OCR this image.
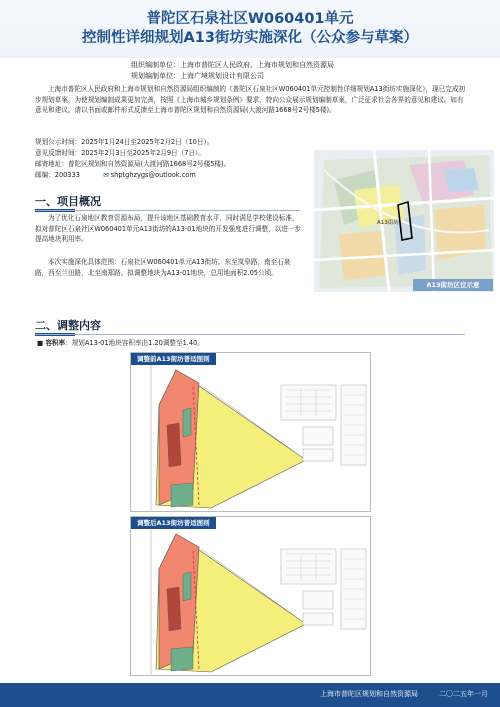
普陀区石泉社区W060401单元
控制性详细规划A13街坊实施深化（公众参与草案）
组织编制单位：上海市普陀区人民政府、上海市规划和自然资源局
规划编制单位：上海广境规划设计有限公司
上海市普陀区人民政府和上海市规划和自然资源局组织编制的《普陀区石泉社区W060401单元控制性详细规划A13街坊实施深化》，现已完成初步规划草案，为使规划编制成果更加完善，按照《上海市城乡规划条例》要求，特向公众展示规划编制草案，广泛征求社会各界的意见和建议。如有意见和建议，请以书面或邮件形式反馈至上海市普陀区规划和自然资源局(大渡河路1668号2号楼5楼)。
规划公示时间：2025年1月24日至2025年2月2日（10日）。
意见反馈时间：2025年2月3日至2025年2月9日（7日）。
邮寄地址：普陀区规划和自然资源局(大渡河路1668号2号楼5楼)。
邮编：200333	✉ shptghzygs@outlook.com
一、项目概况
为了优化石泉地区教育资源布局，提升该地区基础教育水平，同时满足学校建设标准，拟对普陀区石泉社区W060401单元A13街坊的A13-01地块的开发强度进行调整，以进一步提高地块利用率。
本次实施深化具体范围：石泉社区W060401单元A13街坊。东至岚皋路，南至石泉路，西至兰田路，北至南郑路。拟调整地块为A13-01地块，总用地面积2.05公顷。
A13街坊
A13街坊区位示意
二、调整内容
■ 容积率：规划A13-01地块容积率由1.20调整至1.40。
调整前A13街坊普适图则
调整后A13街坊普适图则
上海市普陀区规划和自然资源局	二〇二五年一月
